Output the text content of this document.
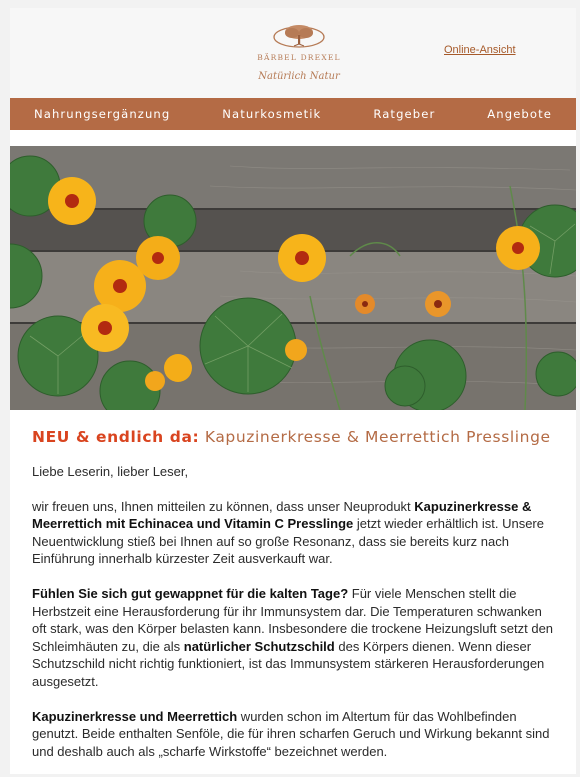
BÄRBEL DREXEL
Natürlich Natur
Online-Ansicht
Nahrungsergänzung	Naturkosmetik	Ratgeber	Angebote
NEU & endlich da: Kapuzinerkresse & Meerrettich Presslinge

Liebe Leserin, lieber Leser,

wir freuen uns, Ihnen mitteilen zu können, dass unser Neuprodukt Kapuzinerkresse & Meerrettich mit Echinacea und Vitamin C Presslinge jetzt wieder erhältlich ist. Unsere Neuentwicklung stieß bei Ihnen auf so große Resonanz, dass sie bereits kurz nach Einführung innerhalb kürzester Zeit ausverkauft war.

Fühlen Sie sich gut gewappnet für die kalten Tage? Für viele Menschen stellt die Herbstzeit eine Herausforderung für ihr Immunsystem dar. Die Temperaturen schwanken oft stark, was den Körper belasten kann. Insbesondere die trockene Heizungsluft setzt den Schleimhäuten zu, die als natürlicher Schutzschild des Körpers dienen. Wenn dieser Schutzschild nicht richtig funktioniert, ist das Immunsystem stärkeren Herausforderungen ausgesetzt.

Kapuzinerkresse und Meerrettich wurden schon im Altertum für das Wohlbefinden genutzt. Beide enthalten Senföle, die für ihren scharfen Geruch und Wirkung bekannt sind und deshalb auch als „scharfe Wirkstoffe“ bezeichnet werden.
